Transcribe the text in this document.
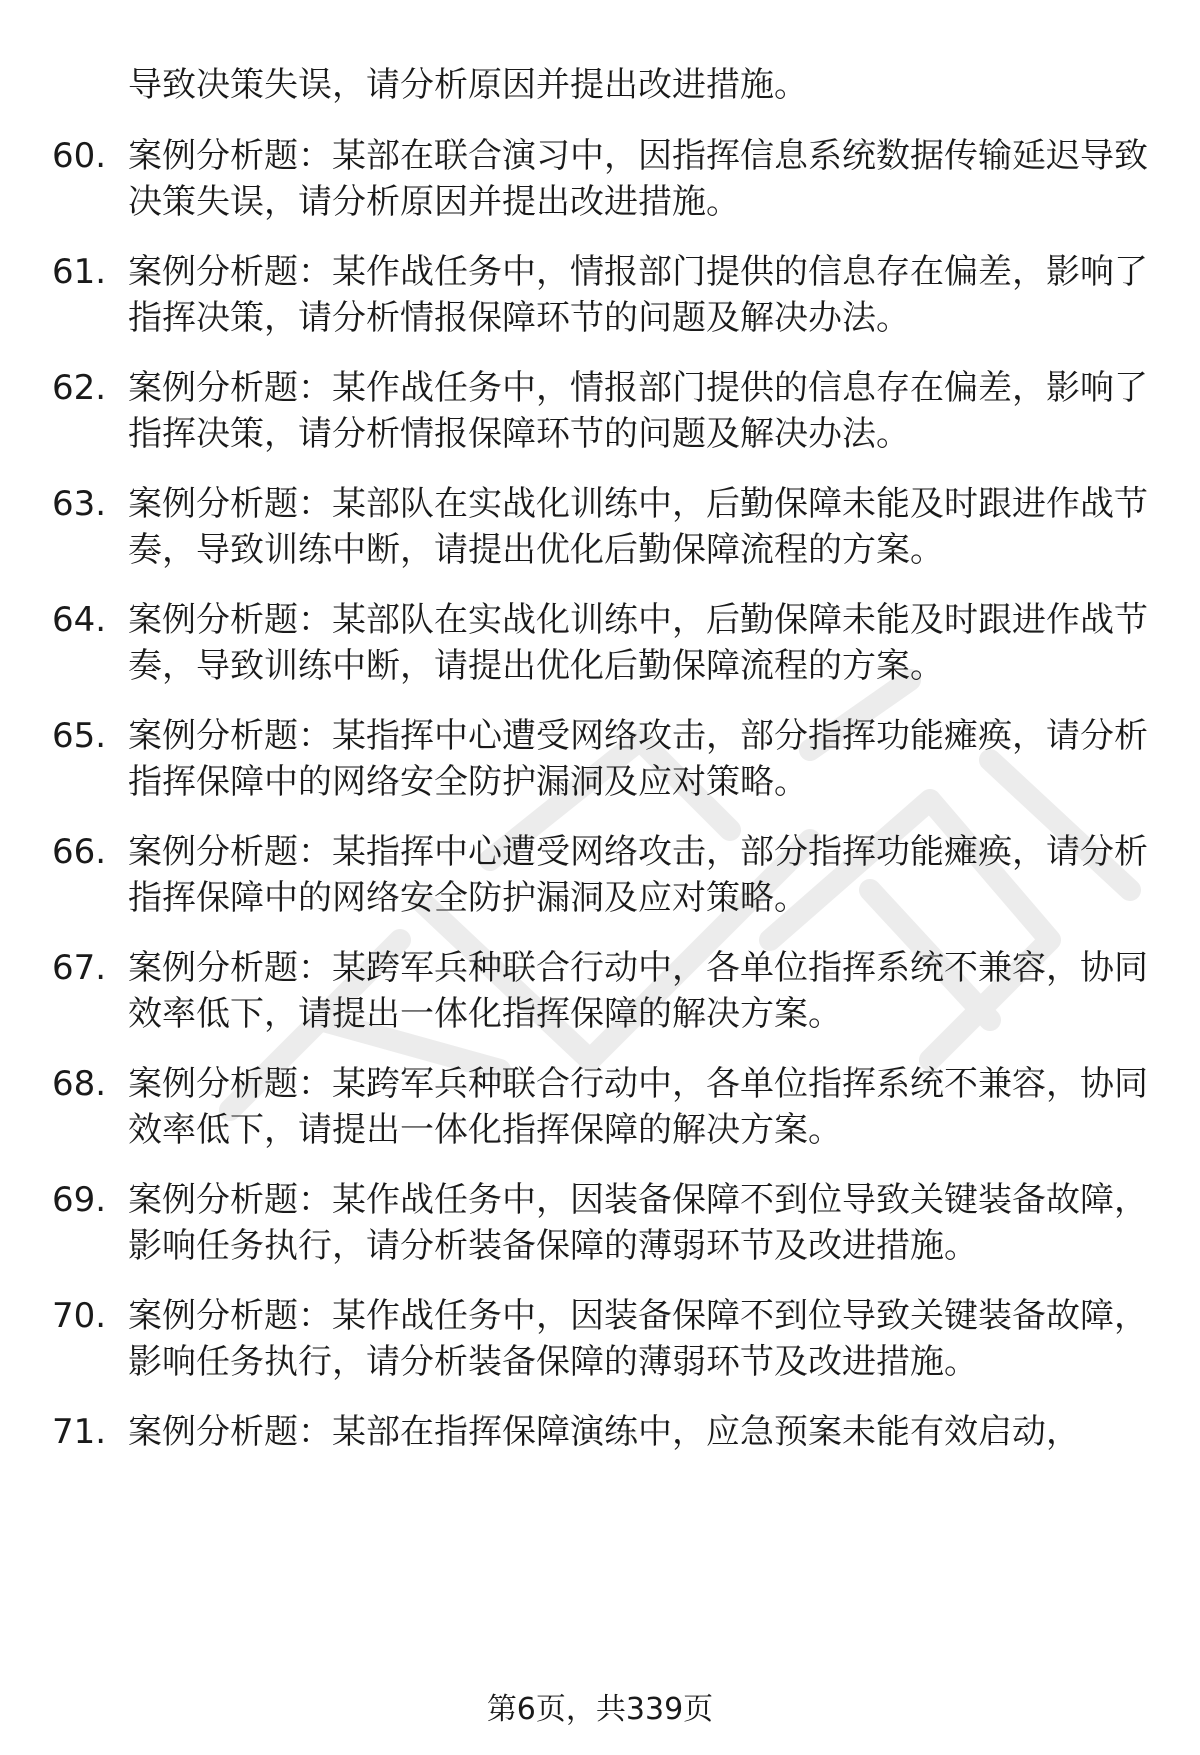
导致决策失误，请分析原因并提出改进措施。
60. 案例分析题：某部在联合演习中，因指挥信息系统数据传输延迟导致决策失误，请分析原因并提出改进措施。
61. 案例分析题：某作战任务中，情报部门提供的信息存在偏差，影响了指挥决策，请分析情报保障环节的问题及解决办法。
62. 案例分析题：某作战任务中，情报部门提供的信息存在偏差，影响了指挥决策，请分析情报保障环节的问题及解决办法。
63. 案例分析题：某部队在实战化训练中，后勤保障未能及时跟进作战节奏，导致训练中断，请提出优化后勤保障流程的方案。
64. 案例分析题：某部队在实战化训练中，后勤保障未能及时跟进作战节奏，导致训练中断，请提出优化后勤保障流程的方案。
65. 案例分析题：某指挥中心遭受网络攻击，部分指挥功能瘫痪，请分析指挥保障中的网络安全防护漏洞及应对策略。
66. 案例分析题：某指挥中心遭受网络攻击，部分指挥功能瘫痪，请分析指挥保障中的网络安全防护漏洞及应对策略。
67. 案例分析题：某跨军兵种联合行动中，各单位指挥系统不兼容，协同效率低下，请提出一体化指挥保障的解决方案。
68. 案例分析题：某跨军兵种联合行动中，各单位指挥系统不兼容，协同效率低下，请提出一体化指挥保障的解决方案。
69. 案例分析题：某作战任务中，因装备保障不到位导致关键装备故障，影响任务执行，请分析装备保障的薄弱环节及改进措施。
70. 案例分析题：某作战任务中，因装备保障不到位导致关键装备故障，影响任务执行，请分析装备保障的薄弱环节及改进措施。
71. 案例分析题：某部在指挥保障演练中，应急预案未能有效启动，
第6页，共339页
